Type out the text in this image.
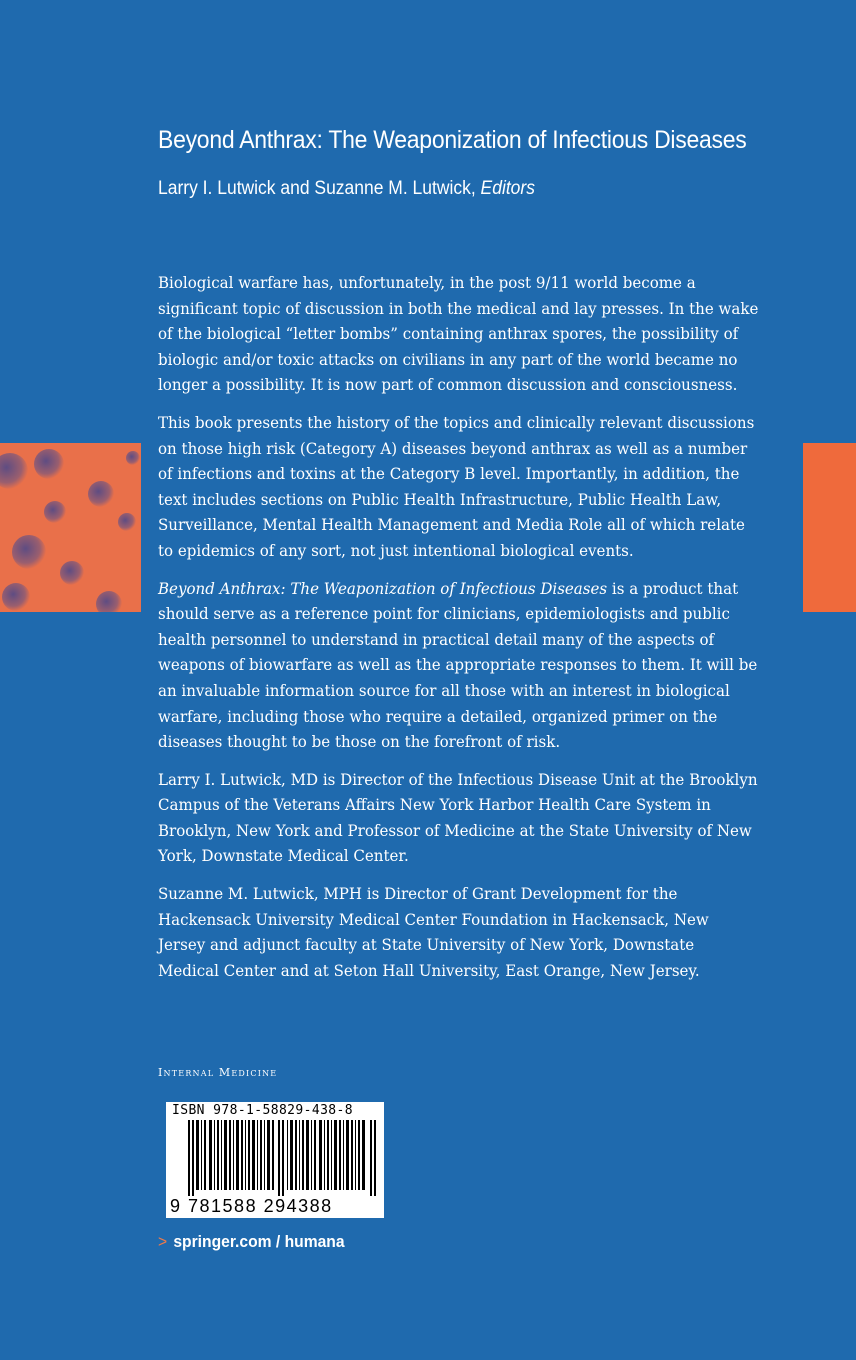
Beyond Anthrax: The Weaponization of Infectious Diseases

Larry I. Lutwick and Suzanne M. Lutwick, Editors

Biological warfare has, unfortunately, in the post 9/11 world become a significant topic of discussion in both the medical and lay presses. In the wake of the biological “letter bombs” containing anthrax spores, the possibility of biologic and/or toxic attacks on civilians in any part of the world became no longer a possibility. It is now part of common discussion and consciousness.

This book presents the history of the topics and clinically relevant discussions on those high risk (Category A) diseases beyond anthrax as well as a number of infections and toxins at the Category B level. Importantly, in addition, the text includes sections on Public Health Infrastructure, Public Health Law, Surveillance, Mental Health Management and Media Role all of which relate to epidemics of any sort, not just intentional biological events.

Beyond Anthrax: The Weaponization of Infectious Diseases is a product that should serve as a reference point for clinicians, epidemiologists and public health personnel to understand in practical detail many of the aspects of weapons of biowarfare as well as the appropriate responses to them. It will be an invaluable information source for all those with an interest in biological warfare, including those who require a detailed, organized primer on the diseases thought to be those on the forefront of risk.

Larry I. Lutwick, MD is Director of the Infectious Disease Unit at the Brooklyn Campus of the Veterans Affairs New York Harbor Health Care System in Brooklyn, New York and Professor of Medicine at the State University of New York, Downstate Medical Center.

Suzanne M. Lutwick, MPH is Director of Grant Development for the Hackensack University Medical Center Foundation in Hackensack, New Jersey and adjunct faculty at State University of New York, Downstate Medical Center and at Seton Hall University, East Orange, New Jersey.

Internal Medicine

ISBN 978-1-58829-438-8
9 781588 294388

> springer.com / humana
